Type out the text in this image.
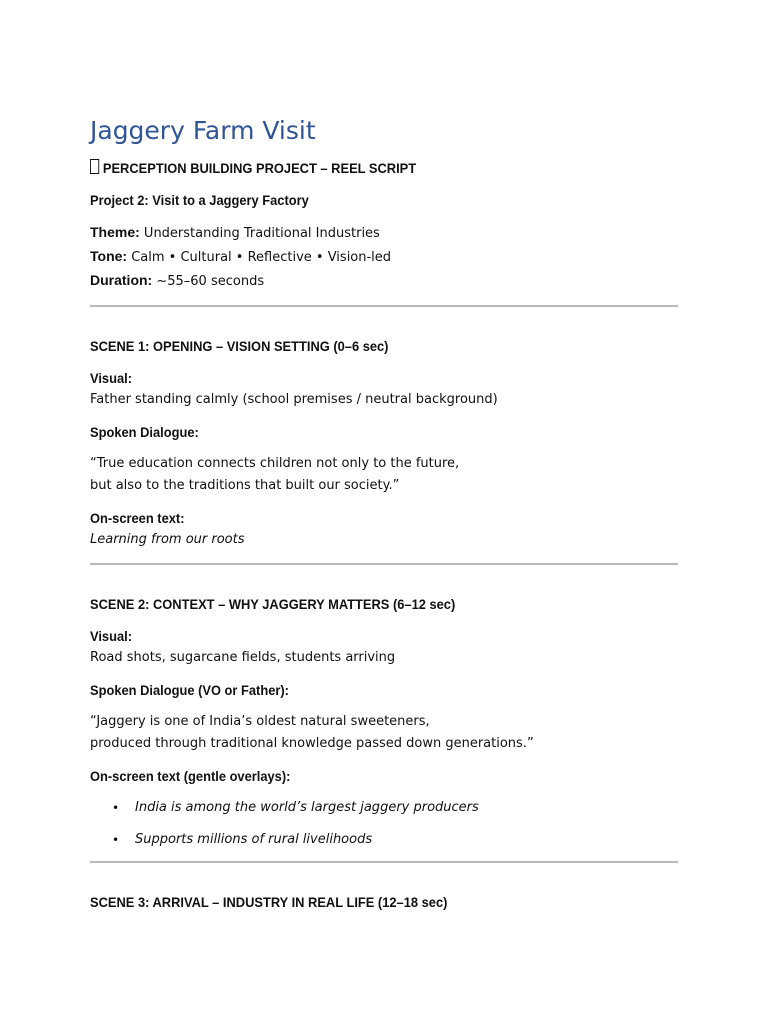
Jaggery Farm Visit
PERCEPTION BUILDING PROJECT – REEL SCRIPT
Project 2: Visit to a Jaggery Factory
Theme: Understanding Traditional Industries
Tone: Calm • Cultural • Reflective • Vision-led
Duration: ~55–60 seconds
SCENE 1: OPENING – VISION SETTING (0–6 sec)
Visual:
Father standing calmly (school premises / neutral background)
Spoken Dialogue:
“True education connects children not only to the future,
but also to the traditions that built our society.”
On-screen text:
Learning from our roots
SCENE 2: CONTEXT – WHY JAGGERY MATTERS (6–12 sec)
Visual:
Road shots, sugarcane fields, students arriving
Spoken Dialogue (VO or Father):
“Jaggery is one of India’s oldest natural sweeteners,
produced through traditional knowledge passed down generations.”
On-screen text (gentle overlays):
• India is among the world’s largest jaggery producers
• Supports millions of rural livelihoods
SCENE 3: ARRIVAL – INDUSTRY IN REAL LIFE (12–18 sec)
